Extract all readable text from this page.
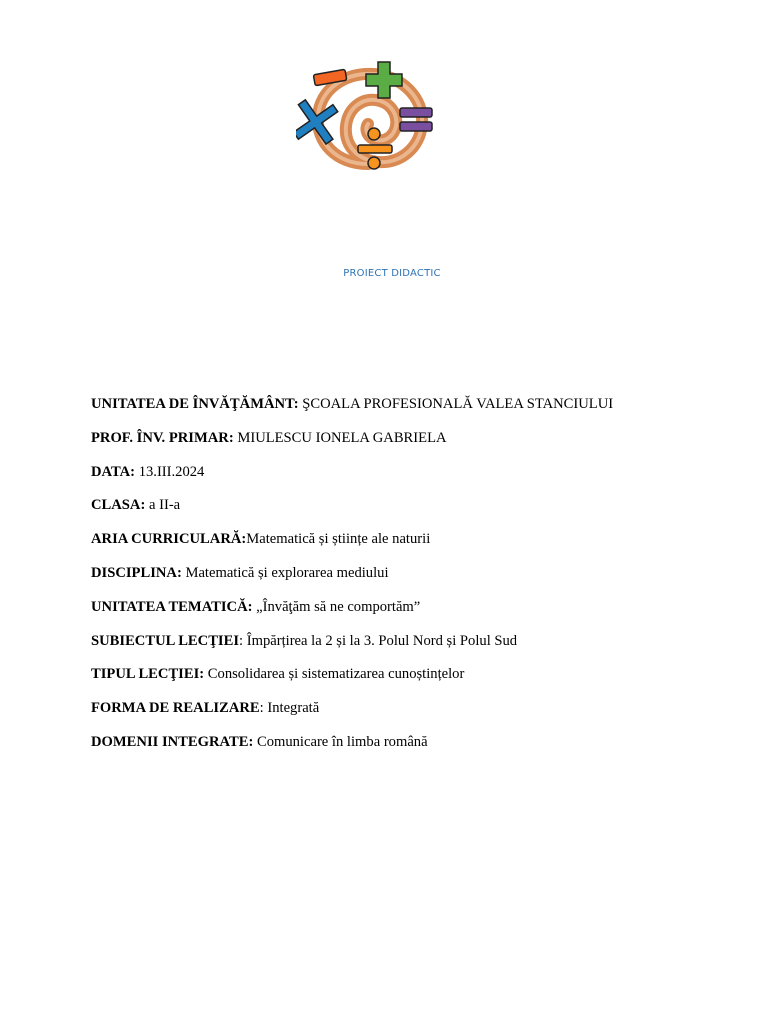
PROIECT DIDACTIC
UNITATEA DE ÎNVĂŢĂMÂNT: ŞCOALA PROFESIONALĂ VALEA STANCIULUI
PROF. ÎNV. PRIMAR: MIULESCU IONELA GABRIELA
DATA: 13.III.2024
CLASA: a II-a
ARIA CURRICULARĂ:Matematică și științe ale naturii
DISCIPLINA: Matematică și explorarea mediului
UNITATEA TEMATICĂ: „Învăţăm să ne comportăm”
SUBIECTUL LECŢIEI: Împărțirea la 2 și la 3. Polul Nord și Polul Sud
TIPUL LECŢIEI: Consolidarea și sistematizarea cunoștințelor
FORMA DE REALIZARE: Integrată
DOMENII INTEGRATE: Comunicare în limba română
